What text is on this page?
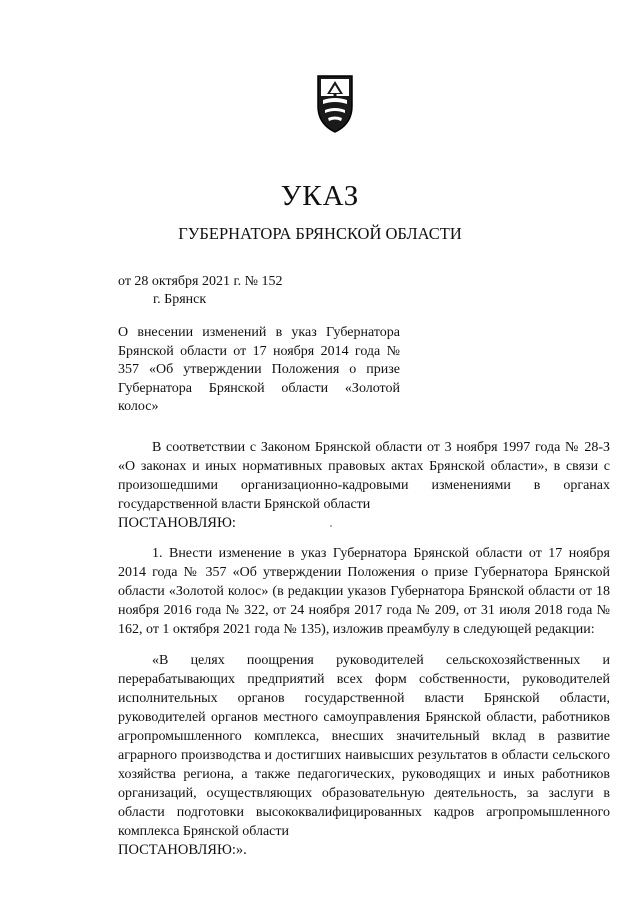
УКАЗ
ГУБЕРНАТОРА БРЯНСКОЙ ОБЛАСТИ
от 28 октября 2021 г. № 152
г. Брянск
О внесении изменений в указ Губернатора Брянской области от 17 ноября 2014 года № 357 «Об утверждении Положения о призе Губернатора Брянской области «Золотой колос»

В соответствии с Законом Брянской области от 3 ноября 1997 года № 28-З «О законах и иных нормативных правовых актах Брянской области», в связи с произошедшими организационно-кадровыми изменениями в органах государственной власти Брянской области

ПОСТАНОВЛЯЮ:

1. Внести изменение в указ Губернатора Брянской области от 17 ноября 2014 года № 357 «Об утверждении Положения о призе Губернатора Брянской области «Золотой колос» (в редакции указов Губернатора Брянской области от 18 ноября 2016 года № 322, от 24 ноября 2017 года № 209, от 31 июля 2018 года № 162, от 1 октября 2021 года № 135), изложив преамбулу в следующей редакции:

«В целях поощрения руководителей сельскохозяйственных и перерабатывающих предприятий всех форм собственности, руководителей исполнительных органов государственной власти Брянской области, руководителей органов местного самоуправления Брянской области, работников агропромышленного комплекса, внесших значительный вклад в развитие аграрного производства и достигших наивысших результатов в области сельского хозяйства региона, а также педагогических, руководящих и иных работников организаций, осуществляющих образовательную деятельность, за заслуги в области подготовки высококвалифицированных кадров агропромышленного комплекса Брянской области

ПОСТАНОВЛЯЮ:».
